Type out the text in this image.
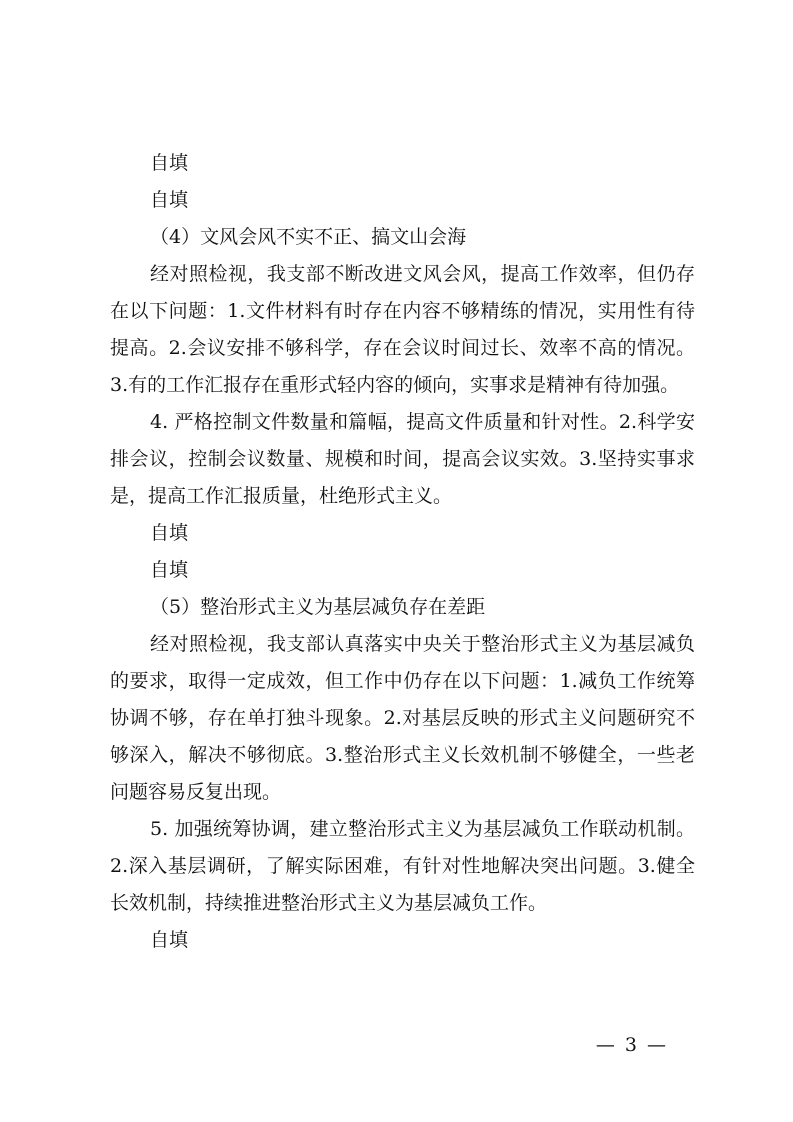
自填

自填

（4）文风会风不实不正、搞文山会海

经对照检视，我支部不断改进文风会风，提高工作效率，但仍存在以下问题：1.文件材料有时存在内容不够精练的情况，实用性有待提高。2.会议安排不够科学，存在会议时间过长、效率不高的情况。3.有的工作汇报存在重形式轻内容的倾向，实事求是精神有待加强。

4. 严格控制文件数量和篇幅，提高文件质量和针对性。2.科学安排会议，控制会议数量、规模和时间，提高会议实效。3.坚持实事求是，提高工作汇报质量，杜绝形式主义。

自填

自填

（5）整治形式主义为基层减负存在差距

经对照检视，我支部认真落实中央关于整治形式主义为基层减负的要求，取得一定成效，但工作中仍存在以下问题：1.减负工作统筹协调不够，存在单打独斗现象。2.对基层反映的形式主义问题研究不够深入，解决不够彻底。3.整治形式主义长效机制不够健全，一些老问题容易反复出现。

5. 加强统筹协调，建立整治形式主义为基层减负工作联动机制。2.深入基层调研，了解实际困难，有针对性地解决突出问题。3.健全长效机制，持续推进整治形式主义为基层减负工作。

自填

— 3 —
